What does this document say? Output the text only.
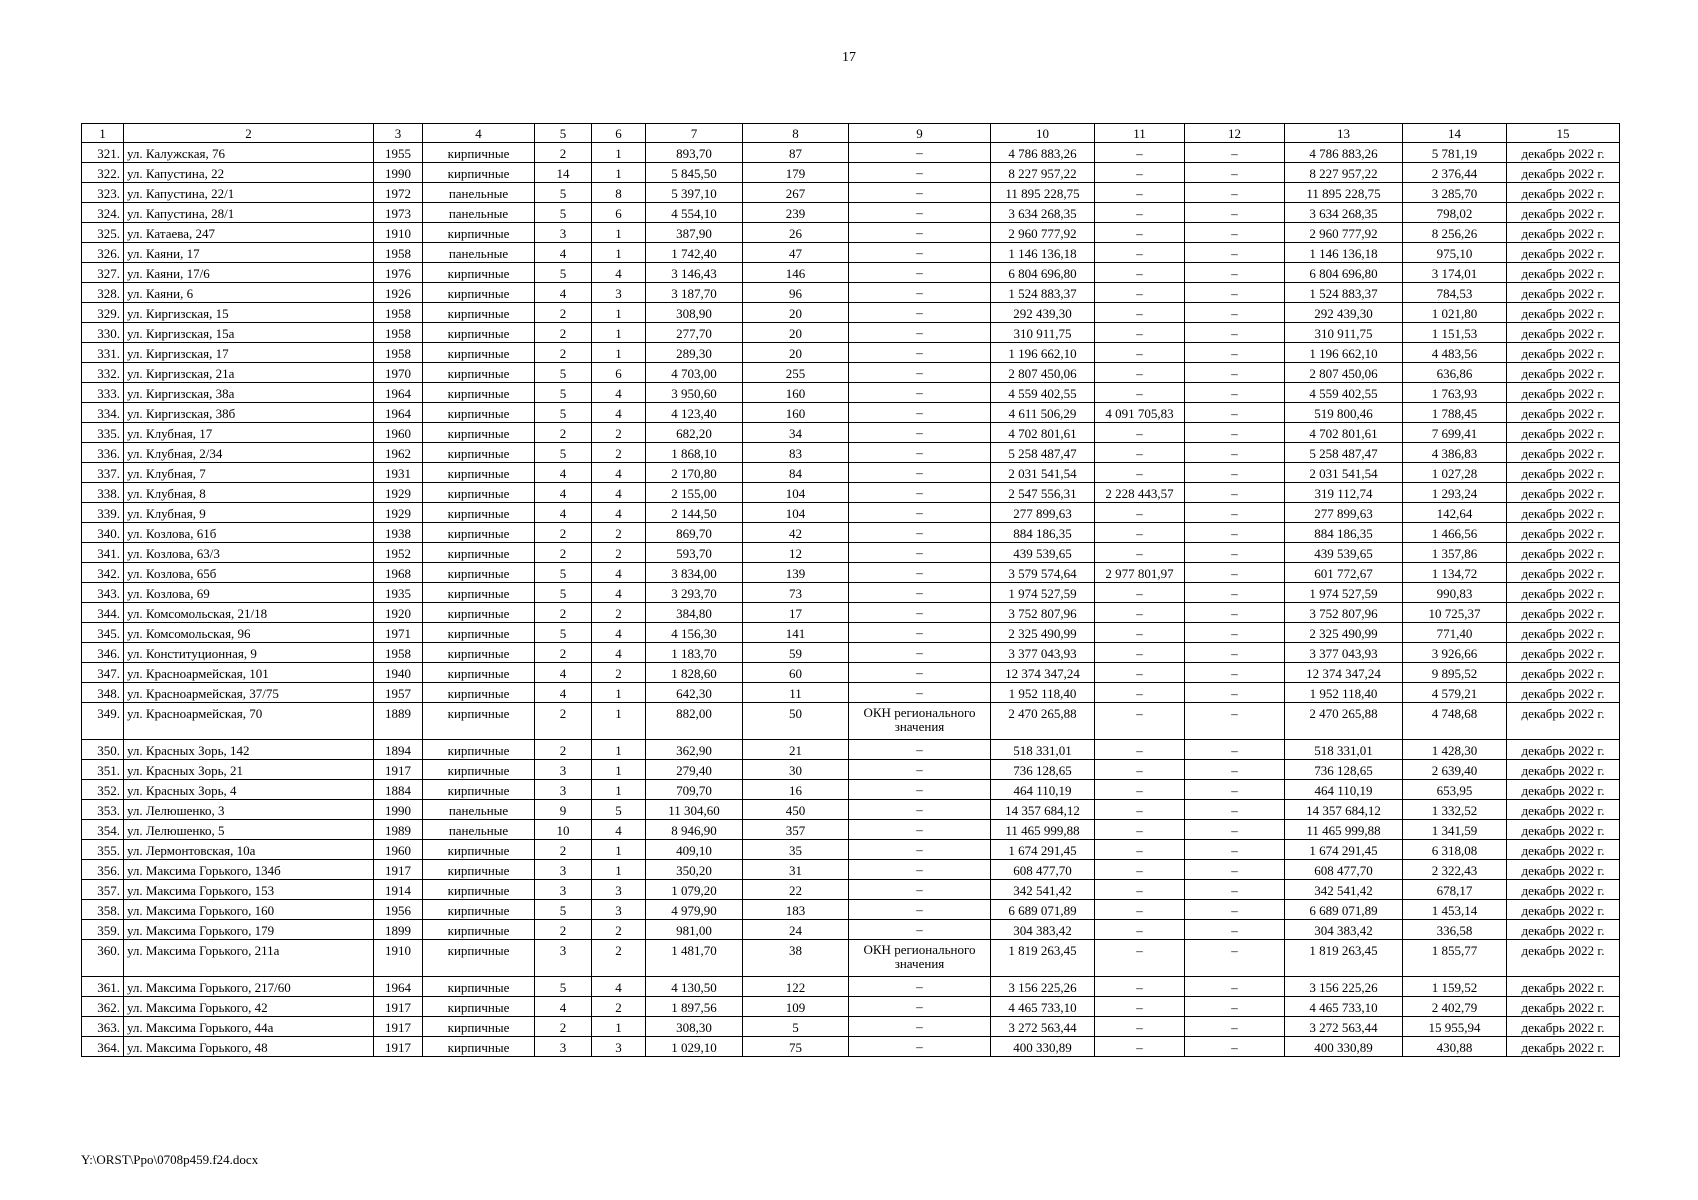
17
1	2	3	4	5	6	7	8	9	10	11	12	13	14	15
321.	ул. Калужская, 76	1955	кирпичные	2	1	893,70	87	–	4 786 883,26	–	–	4 786 883,26	5 781,19	декабрь 2022 г.
322.	ул. Капустина, 22	1990	кирпичные	14	1	5 845,50	179	–	8 227 957,22	–	–	8 227 957,22	2 376,44	декабрь 2022 г.
323.	ул. Капустина, 22/1	1972	панельные	5	8	5 397,10	267	–	11 895 228,75	–	–	11 895 228,75	3 285,70	декабрь 2022 г.
324.	ул. Капустина, 28/1	1973	панельные	5	6	4 554,10	239	–	3 634 268,35	–	–	3 634 268,35	798,02	декабрь 2022 г.
325.	ул. Катаева, 247	1910	кирпичные	3	1	387,90	26	–	2 960 777,92	–	–	2 960 777,92	8 256,26	декабрь 2022 г.
326.	ул. Каяни, 17	1958	панельные	4	1	1 742,40	47	–	1 146 136,18	–	–	1 146 136,18	975,10	декабрь 2022 г.
327.	ул. Каяни, 17/6	1976	кирпичные	5	4	3 146,43	146	–	6 804 696,80	–	–	6 804 696,80	3 174,01	декабрь 2022 г.
328.	ул. Каяни, 6	1926	кирпичные	4	3	3 187,70	96	–	1 524 883,37	–	–	1 524 883,37	784,53	декабрь 2022 г.
329.	ул. Киргизская, 15	1958	кирпичные	2	1	308,90	20	–	292 439,30	–	–	292 439,30	1 021,80	декабрь 2022 г.
330.	ул. Киргизская, 15а	1958	кирпичные	2	1	277,70	20	–	310 911,75	–	–	310 911,75	1 151,53	декабрь 2022 г.
331.	ул. Киргизская, 17	1958	кирпичные	2	1	289,30	20	–	1 196 662,10	–	–	1 196 662,10	4 483,56	декабрь 2022 г.
332.	ул. Киргизская, 21а	1970	кирпичные	5	6	4 703,00	255	–	2 807 450,06	–	–	2 807 450,06	636,86	декабрь 2022 г.
333.	ул. Киргизская, 38а	1964	кирпичные	5	4	3 950,60	160	–	4 559 402,55	–	–	4 559 402,55	1 763,93	декабрь 2022 г.
334.	ул. Киргизская, 38б	1964	кирпичные	5	4	4 123,40	160	–	4 611 506,29	4 091 705,83	–	519 800,46	1 788,45	декабрь 2022 г.
335.	ул. Клубная, 17	1960	кирпичные	2	2	682,20	34	–	4 702 801,61	–	–	4 702 801,61	7 699,41	декабрь 2022 г.
336.	ул. Клубная, 2/34	1962	кирпичные	5	2	1 868,10	83	–	5 258 487,47	–	–	5 258 487,47	4 386,83	декабрь 2022 г.
337.	ул. Клубная, 7	1931	кирпичные	4	4	2 170,80	84	–	2 031 541,54	–	–	2 031 541,54	1 027,28	декабрь 2022 г.
338.	ул. Клубная, 8	1929	кирпичные	4	4	2 155,00	104	–	2 547 556,31	2 228 443,57	–	319 112,74	1 293,24	декабрь 2022 г.
339.	ул. Клубная, 9	1929	кирпичные	4	4	2 144,50	104	–	277 899,63	–	–	277 899,63	142,64	декабрь 2022 г.
340.	ул. Козлова, 61б	1938	кирпичные	2	2	869,70	42	–	884 186,35	–	–	884 186,35	1 466,56	декабрь 2022 г.
341.	ул. Козлова, 63/3	1952	кирпичные	2	2	593,70	12	–	439 539,65	–	–	439 539,65	1 357,86	декабрь 2022 г.
342.	ул. Козлова, 65б	1968	кирпичные	5	4	3 834,00	139	–	3 579 574,64	2 977 801,97	–	601 772,67	1 134,72	декабрь 2022 г.
343.	ул. Козлова, 69	1935	кирпичные	5	4	3 293,70	73	–	1 974 527,59	–	–	1 974 527,59	990,83	декабрь 2022 г.
344.	ул. Комсомольская, 21/18	1920	кирпичные	2	2	384,80	17	–	3 752 807,96	–	–	3 752 807,96	10 725,37	декабрь 2022 г.
345.	ул. Комсомольская, 96	1971	кирпичные	5	4	4 156,30	141	–	2 325 490,99	–	–	2 325 490,99	771,40	декабрь 2022 г.
346.	ул. Конституционная, 9	1958	кирпичные	2	4	1 183,70	59	–	3 377 043,93	–	–	3 377 043,93	3 926,66	декабрь 2022 г.
347.	ул. Красноармейская, 101	1940	кирпичные	4	2	1 828,60	60	–	12 374 347,24	–	–	12 374 347,24	9 895,52	декабрь 2022 г.
348.	ул. Красноармейская, 37/75	1957	кирпичные	4	1	642,30	11	–	1 952 118,40	–	–	1 952 118,40	4 579,21	декабрь 2022 г.
349.	ул. Красноармейская, 70	1889	кирпичные	2	1	882,00	50	ОКН регионального значения	2 470 265,88	–	–	2 470 265,88	4 748,68	декабрь 2022 г.
350.	ул. Красных Зорь, 142	1894	кирпичные	2	1	362,90	21	–	518 331,01	–	–	518 331,01	1 428,30	декабрь 2022 г.
351.	ул. Красных Зорь, 21	1917	кирпичные	3	1	279,40	30	–	736 128,65	–	–	736 128,65	2 639,40	декабрь 2022 г.
352.	ул. Красных Зорь, 4	1884	кирпичные	3	1	709,70	16	–	464 110,19	–	–	464 110,19	653,95	декабрь 2022 г.
353.	ул. Лелюшенко, 3	1990	панельные	9	5	11 304,60	450	–	14 357 684,12	–	–	14 357 684,12	1 332,52	декабрь 2022 г.
354.	ул. Лелюшенко, 5	1989	панельные	10	4	8 946,90	357	–	11 465 999,88	–	–	11 465 999,88	1 341,59	декабрь 2022 г.
355.	ул. Лермонтовская, 10а	1960	кирпичные	2	1	409,10	35	–	1 674 291,45	–	–	1 674 291,45	6 318,08	декабрь 2022 г.
356.	ул. Максима Горького, 134б	1917	кирпичные	3	1	350,20	31	–	608 477,70	–	–	608 477,70	2 322,43	декабрь 2022 г.
357.	ул. Максима Горького, 153	1914	кирпичные	3	3	1 079,20	22	–	342 541,42	–	–	342 541,42	678,17	декабрь 2022 г.
358.	ул. Максима Горького, 160	1956	кирпичные	5	3	4 979,90	183	–	6 689 071,89	–	–	6 689 071,89	1 453,14	декабрь 2022 г.
359.	ул. Максима Горького, 179	1899	кирпичные	2	2	981,00	24	–	304 383,42	–	–	304 383,42	336,58	декабрь 2022 г.
360.	ул. Максима Горького, 211а	1910	кирпичные	3	2	1 481,70	38	ОКН регионального значения	1 819 263,45	–	–	1 819 263,45	1 855,77	декабрь 2022 г.
361.	ул. Максима Горького, 217/60	1964	кирпичные	5	4	4 130,50	122	–	3 156 225,26	–	–	3 156 225,26	1 159,52	декабрь 2022 г.
362.	ул. Максима Горького, 42	1917	кирпичные	4	2	1 897,56	109	–	4 465 733,10	–	–	4 465 733,10	2 402,79	декабрь 2022 г.
363.	ул. Максима Горького, 44а	1917	кирпичные	2	1	308,30	5	–	3 272 563,44	–	–	3 272 563,44	15 955,94	декабрь 2022 г.
364.	ул. Максима Горького, 48	1917	кирпичные	3	3	1 029,10	75	–	400 330,89	–	–	400 330,89	430,88	декабрь 2022 г.
Y:\ORST\Ppo\0708p459.f24.docx
